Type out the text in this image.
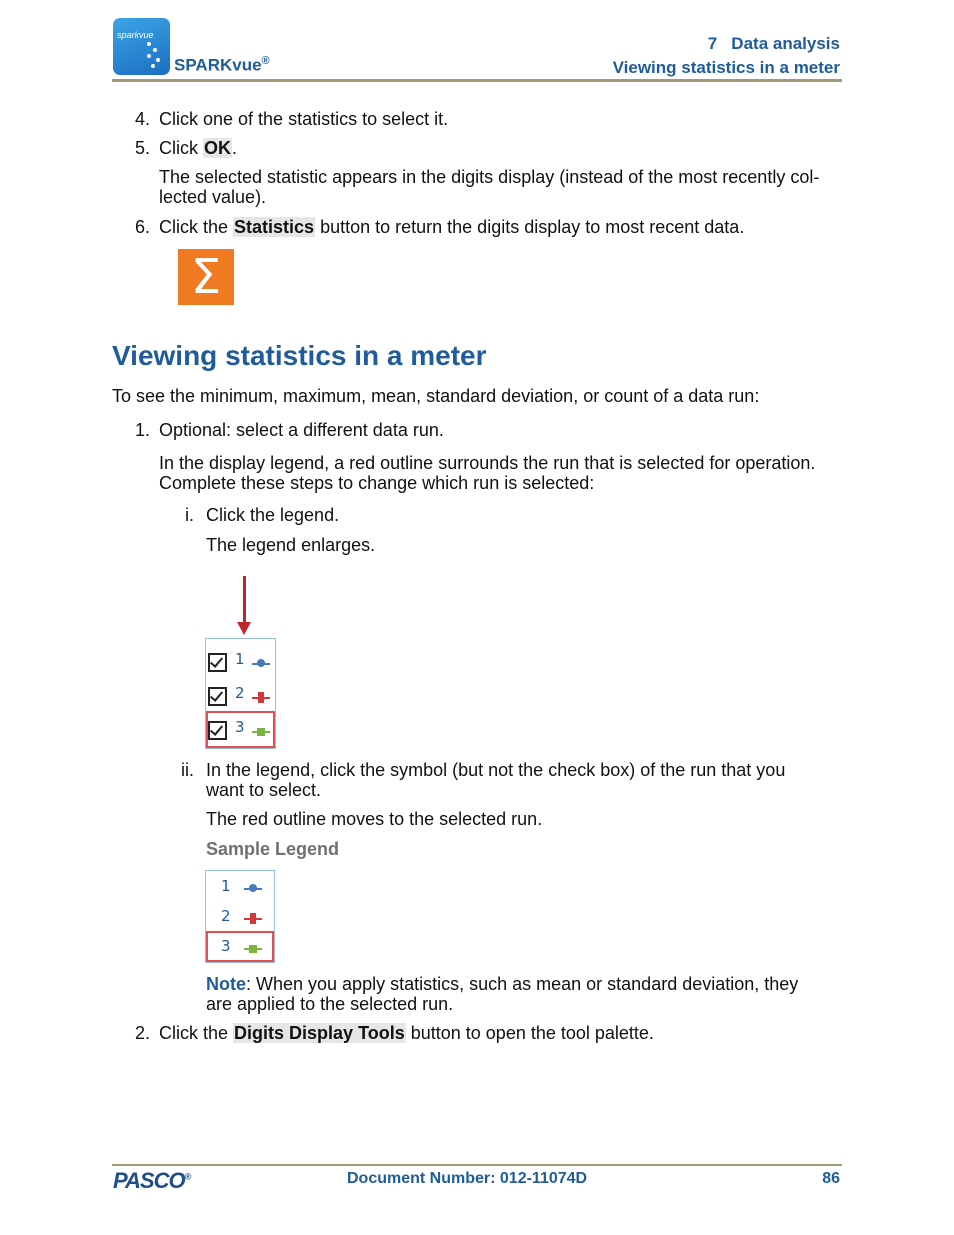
sparkvue
SPARKvue®
7   Data analysis
Viewing statistics in a meter
4. Click one of the statistics to select it.
5. Click OK.
The selected statistic appears in the digits display (instead of the most recently col-
lected value).
6. Click the Statistics button to return the digits display to most recent data.
Σ
Viewing statistics in a meter
To see the minimum, maximum, mean, standard deviation, or count of a data run:
1. Optional: select a different data run.
In the display legend, a red outline surrounds the run that is selected for operation.
Complete these steps to change which run is selected:
i. Click the legend.
The legend enlarges.
1
2
3
ii. In the legend, click the symbol (but not the check box) of the run that you
want to select.
The red outline moves to the selected run.
Sample Legend
1
2
3
Note: When you apply statistics, such as mean or standard deviation, they
are applied to the selected run.
2. Click the Digits Display Tools button to open the tool palette.
PASCO®	Document Number: 012-11074D	86
